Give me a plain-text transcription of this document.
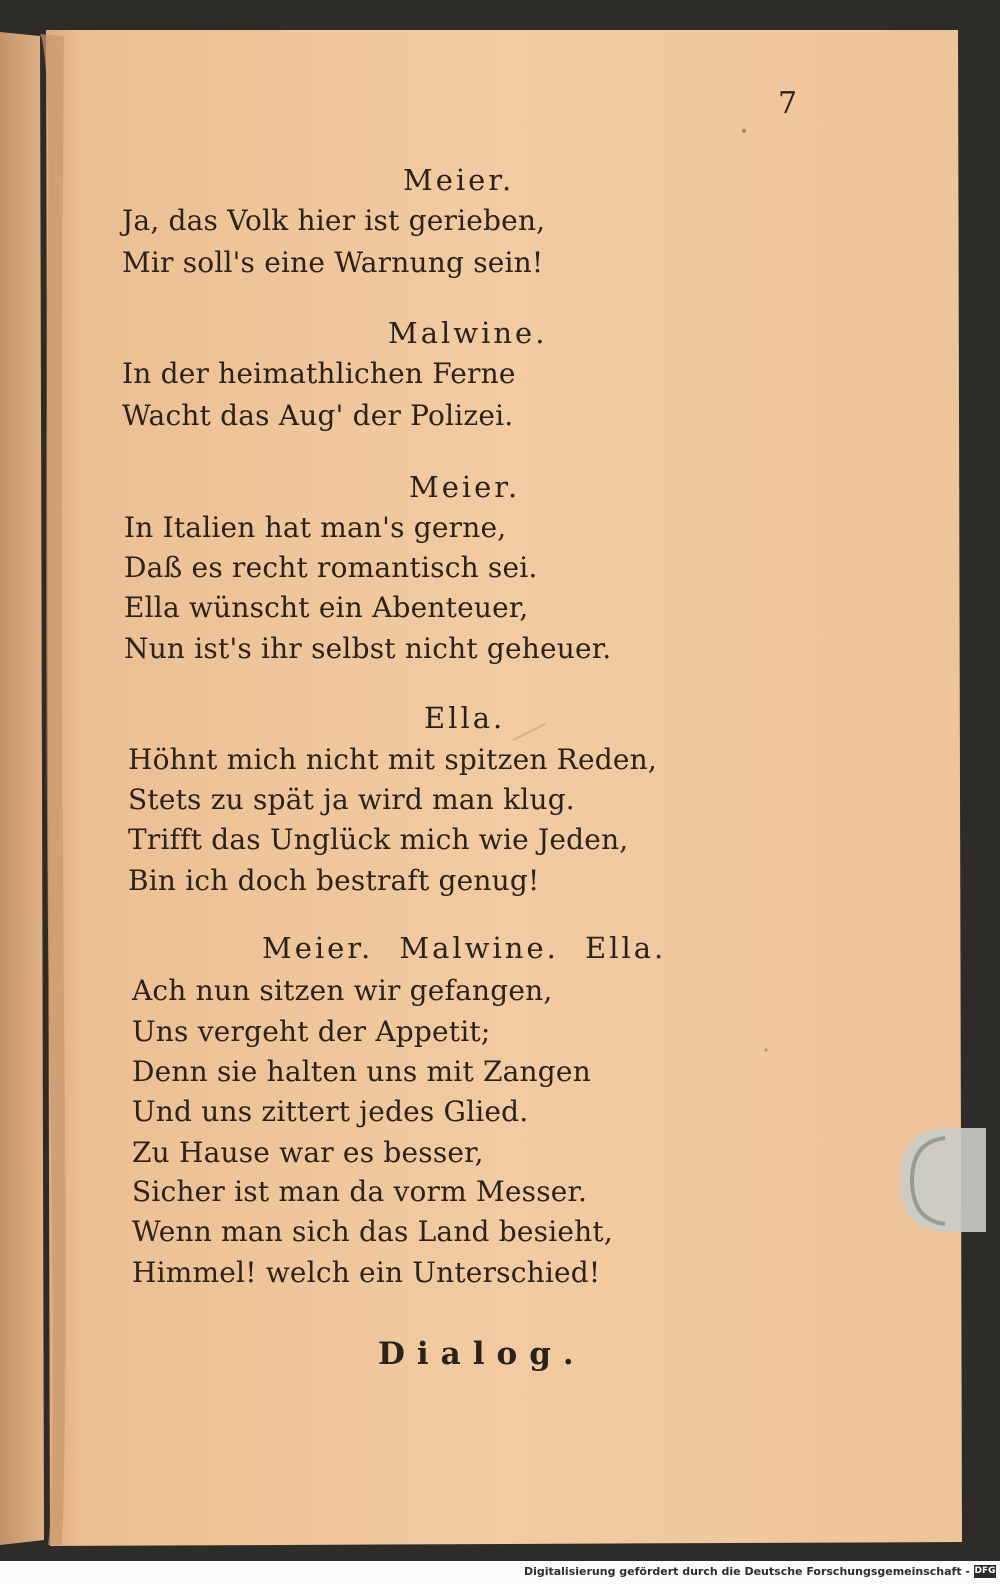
7

Meier.

Ja, das Volk hier ist gerieben,

Mir soll's eine Warnung sein!

Malwine.

In der heimathlichen Ferne

Wacht das Aug' der Polizei.

Meier.

In Italien hat man's gerne,

Daß es recht romantisch sei.

Ella wünscht ein Abenteuer,

Nun ist's ihr selbst nicht geheuer.

Ella.

Höhnt mich nicht mit spitzen Reden,

Stets zu spät ja wird man klug.

Trifft das Unglück mich wie Jeden,

Bin ich doch bestraft genug!

Meier. Malwine. Ella.

Ach nun sitzen wir gefangen,

Uns vergeht der Appetit;

Denn sie halten uns mit Zangen

Und uns zittert jedes Glied.

Zu Hause war es besser,

Sicher ist man da vorm Messer.

Wenn man sich das Land besieht,

Himmel! welch ein Unterschied!

Dialog.

Digitalisierung gefördert durch die Deutsche Forschungsgemeinschaft - DFG
